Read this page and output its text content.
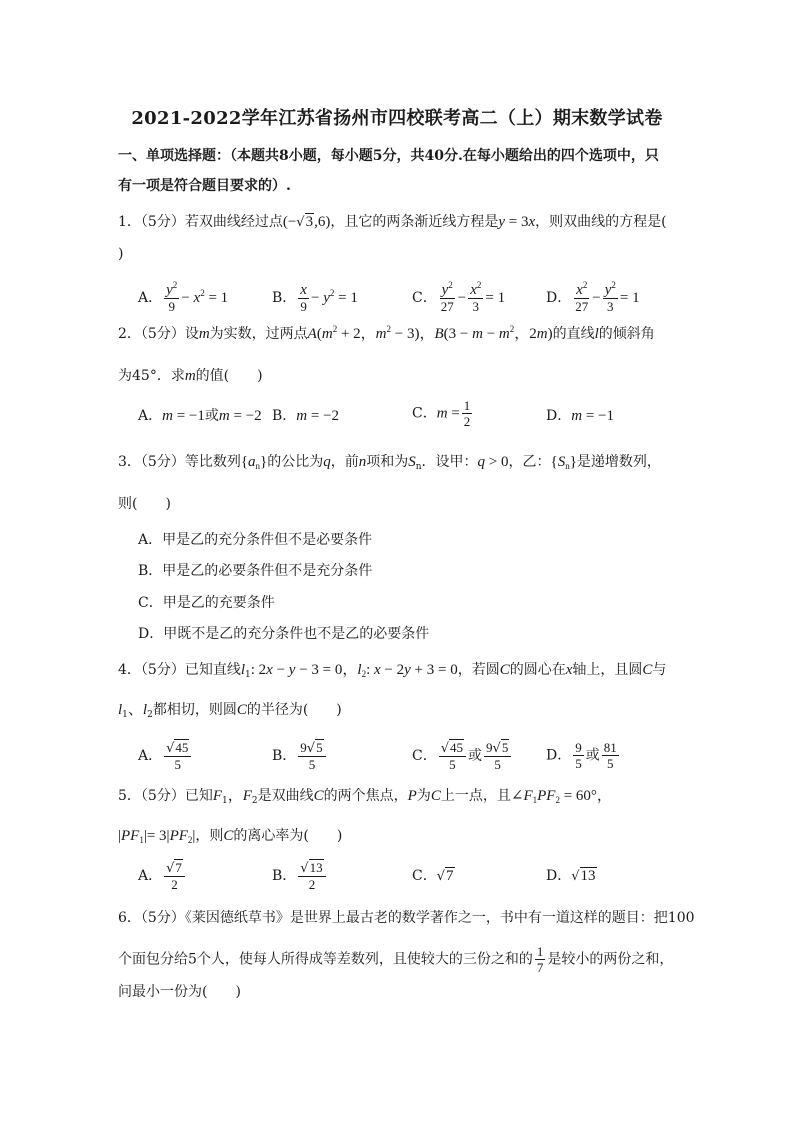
2021-2022学年江苏省扬州市四校联考高二（上）期末数学试卷
一、单项选择题：（本题共8小题，每小题5分，共40分.在每小题给出的四个选项中，只
有一项是符合题目要求的）.
1．（5分）若双曲线经过点(−√3,6)，且它的两条渐近线方程是y = 3x，则双曲线的方程是(
)
A． $\frac{y^2}{9} - x^2 = 1$	B． $\frac{x}{9} - y^2 = 1$	C． $\frac{y^2}{27} - \frac{x^2}{3} = 1$	D． $\frac{x^2}{27} - \frac{y^2}{3} = 1$
2．（5分）设m为实数，过两点$A(m^2 + 2$，$m^2 - 3$)，$B(3 - m - m^2$，2m)的直线l的倾斜角
为45°．求m的值(　　)
A．m = −1或m = −2 B．m = −2	C．$m = \frac{1}{2}$	D．m = −1
3．（5分）等比数列$\{a_n\}$的公比为q，前n项和为$S_n$．设甲：q > 0，乙：$\{S_n\}$是递增数列，
则(　　)
A．甲是乙的充分条件但不是必要条件
B．甲是乙的必要条件但不是充分条件
C．甲是乙的充要条件
D．甲既不是乙的充分条件也不是乙的必要条件
4．（5分）已知直线$l_1$: 2x − y − 3 = 0，$l_2$: x − 2y + 3 = 0，若圆C的圆心在x轴上，且圆C与
$l_1$、$l_2$都相切，则圆C的半径为(　　)
A． $\frac{√45}{5}$	B． $\frac{9√5}{5}$	C． $\frac{√45}{5}$ 或 $\frac{9√5}{5}$ D． $\frac{9}{5}$ 或 $\frac{81}{5}$
5．（5分）已知$F_1$，$F_2$是双曲线C的两个焦点，P为C上一点，且$\angle F_1PF_2 = 60^\circ$，
$|PF_1|= 3|PF_2|$，则C的离心率为(　　)
A． $\frac{√7}{2}$	B． $\frac{√13}{2}$	C．√7	D．√13
6．（5分）《莱因德纸草书》是世界上最古老的数学著作之一，书中有一道这样的题目：把100
个面包分给5个人，使每人所得成等差数列，且使较大的三份之和的 $\frac{1}{7}$ 是较小的两份之和，
问最小一份为(　　)
